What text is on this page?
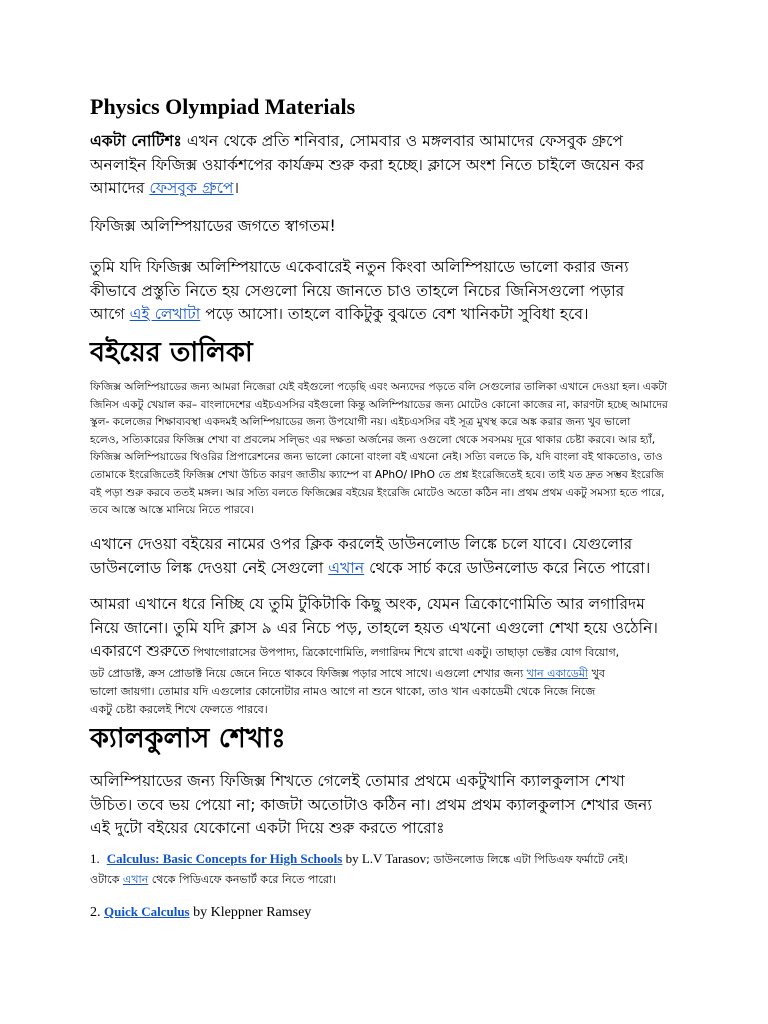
Physics Olympiad Materials

একটা নোটিশঃ এখন থেকে প্রতি শনিবার, সোমবার ও মঙ্গলবার আমাদের ফেসবুক গ্রুপে
অনলাইন ফিজিক্স ওয়ার্কশপের কার্যক্রম শুরু করা হচ্ছে। ক্লাসে অংশ নিতে চাইলে জয়েন কর
আমাদের ফেসবুক গ্রুপে।

ফিজিক্স অলিম্পিয়াডের জগতে স্বাগতম!

তুমি যদি ফিজিক্স অলিম্পিয়াডে একেবারেই নতুন কিংবা অলিম্পিয়াডে ভালো করার জন্য
কীভাবে প্রস্তুতি নিতে হয় সেগুলো নিয়ে জানতে চাও তাহলে নিচের জিনিসগুলো পড়ার
আগে এই লেখাটা পড়ে আসো। তাহলে বাকিটুকু বুঝতে বেশ খানিকটা সুবিধা হবে।

বইয়ের তালিকা

ফিজিক্স অলিম্পিয়াডের জন্য আমরা নিজেরা যেই বইগুলো পড়েছি এবং অন্যদের পড়তে বলি সেগুলোর তালিকা এখানে দেওয়া হল। একটা
জিনিস একটু খেয়াল কর– বাংলাদেশের এইচএসসির বইগুলো কিন্তু অলিম্পিয়াডের জন্য মোটেও কোনো কাজের না, কারণটা হচ্ছে আমাদের
স্কুল- কলেজের শিক্ষাব্যবস্থা একদমই অলিম্পিয়াডের জন্য উপযোগী নয়। এইচএসসির বই সূত্র মুখস্থ করে অঙ্ক করার জন্য খুব ভালো
হলেও, সত্যিকারের ফিজিক্স শেখা বা প্রবলেম সল্ভিং এর দক্ষতা অর্জনের জন্য ওগুলো থেকে সবসময় দূরে থাকার চেষ্টা করবে। আর হ্যাঁ,
ফিজিক্স অলিম্পিয়াডের থিওরির প্রিপারেশনের জন্য ভালো কোনো বাংলা বই এখনো নেই। সত্যি বলতে কি, যদি বাংলা বই থাকতোও, তাও
তোমাকে ইংরেজিতেই ফিজিক্স শেখা উচিত কারণ জাতীয় ক্যাম্পে বা APhO/ IPhO তে প্রশ্ন ইংরেজিতেই হবে। তাই যত দ্রুত সম্ভব ইংরেজি
বই পড়া শুরু করবে ততই মঙ্গল। আর সত্যি বলতে ফিজিক্সের বইয়ের ইংরেজি মোটেও অতো কঠিন না। প্রথম প্রথম একটু সমস্যা হতে পারে,
তবে আস্তে আস্তে মানিয়ে নিতে পারবে।

এখানে দেওয়া বইয়ের নামের ওপর ক্লিক করলেই ডাউনলোড লিঙ্কে চলে যাবে। যেগুলোর
ডাউনলোড লিঙ্ক দেওয়া নেই সেগুলো এখান থেকে সার্চ করে ডাউনলোড করে নিতে পারো।

আমরা এখানে ধরে নিচ্ছি যে তুমি টুকিটাকি কিছু অংক, যেমন ত্রিকোণোমিতি আর লগারিদম
নিয়ে জানো। তুমি যদি ক্লাস ৯ এর নিচে পড়, তাহলে হয়ত এখনো এগুলো শেখা হয়ে ওঠেনি।
একারণে শুরুতে পিথাগোরাসের উপপাদ্য, ত্রিকোণোমিতি, লগারিদম শিখে রাখো একটু। তাছাড়া ভেক্টর যোগ বিয়োগ,
ডট প্রোডাক্ট, ক্রস প্রোডাক্ট নিয়ে জেনে নিতে থাকবে ফিজিক্স পড়ার সাথে সাথে। এগুলো শেখার জন্য খান একাডেমী খুব
ভালো জায়গা। তোমার যদি এগুলোর কোনোটার নামও আগে না শুনে থাকো, তাও খান একাডেমী থেকে নিজে নিজে
একটু চেষ্টা করলেই শিখে ফেলতে পারবে।
ক্যালকুলাস শেখাঃ

অলিম্পিয়াডের জন্য ফিজিক্স শিখতে গেলেই তোমার প্রথমে একটুখানি ক্যালকুলাস শেখা
উচিত। তবে ভয় পেয়ো না; কাজটা অতোটাও কঠিন না। প্রথম প্রথম ক্যালকুলাস শেখার জন্য
এই দুটো বইয়ের যেকোনো একটা দিয়ে শুরু করতে পারোঃ

1. Calculus: Basic Concepts for High Schools by L.V Tarasov; ডাউনলোড লিঙ্কে এটা পিডিএফ ফর্মাটে নেই।
ওটাকে এখান থেকে পিডিএফে কনভার্ট করে নিতে পারো।
2. Quick Calculus by Kleppner Ramsey
